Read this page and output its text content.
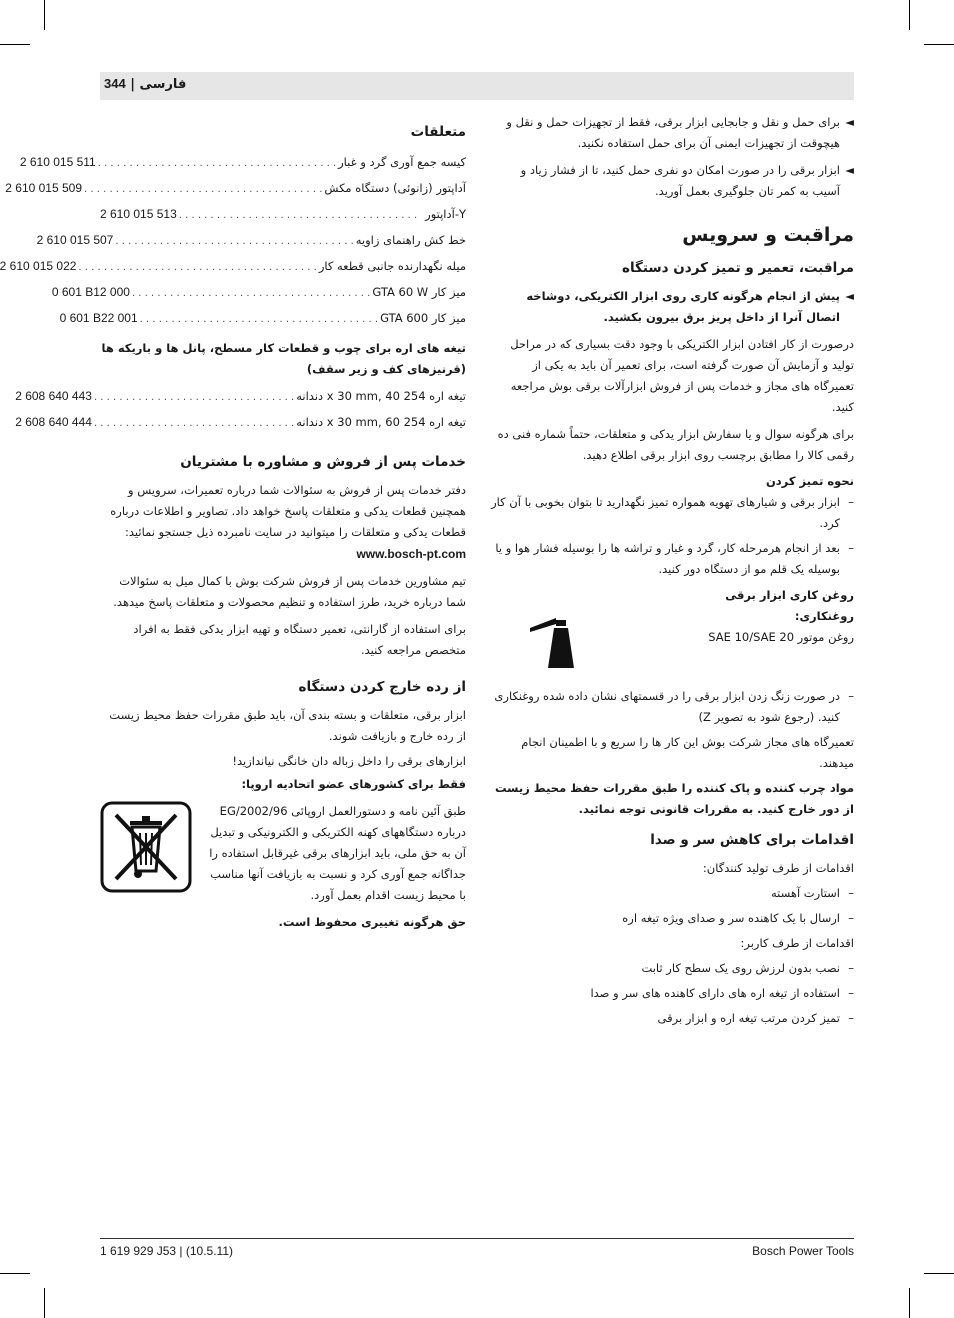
344 | فارسی

◄
برای حمل و نقل و جابجایی ابزار برقی، فقط از تجهیزات حمل و نقل و هیچوقت از تجهیزات ایمنی آن برای حمل استفاده نکنید.

◄
ابزار برقی را در صورت امکان دو نفری حمل کنید، تا از فشار زیاد و آسیب به کمر تان جلوگیری بعمل آورید.

مراقبت و سرویس
مراقبت، تعمیر و تمیز کردن دستگاه

◄
پیش از انجام هرگونه کاری روی ابزار الکتریکی، دوشاخه اتصال آنرا از داخل پریز برق بیرون بکشید.

درصورت از کار افتادن ابزار الکتریکی با وجود دقت بسیاری که در مراحل تولید و آزمایش آن صورت گرفته است، برای تعمیر آن باید به یکی از تعمیرگاه های مجاز و خدمات پس از فروش ابزارآلات برقی بوش مراجعه کنید.

برای هرگونه سوال و یا سفارش ابزار یدکی و متعلقات، حتماً شماره فنی ده رقمی کالا را مطابق برچسب روی ابزار برقی اطلاع دهید.

نحوه تمیز کردن

–
ابزار برقی و شیارهای تهویه همواره تمیز نگهدارید تا بتوان بخوبی با آن کار کرد.

–
بعد از انجام هرمرحله کار، گرد و غبار و تراشه ها را بوسیله فشار هوا و یا بوسیله یک قلم مو از دستگاه دور کنید.

روغن کاری ابزار برقی

روغنکاری:

روغن موتور SAE 10/SAE 20

–
در صورت زنگ زدن ابزار برقی را در قسمتهای نشان داده شده روغنکاری کنید. (رجوع شود به تصویر Z)

تعمیرگاه های مجاز شرکت بوش این کار ها را سریع و با اطمینان انجام میدهند.

مواد چرب کننده و پاک کننده را طبق مقررات حفظ محیط زیست از دور خارج کنید. به مقررات قانونی توجه نمائید.

اقدامات برای کاهش سر و صدا

اقدامات از طرف تولید کنندگان:

–
استارت آهسته

–
ارسال با یک کاهنده سر و صدای ویژه تیغه اره

اقدامات از طرف کاربر:

–
نصب بدون لرزش روی یک سطح کار ثابت

–
استفاده از تیغه اره های دارای کاهنده های سر و صدا

–
تمیز کردن مرتب تیغه اره و ابزار برقی

متعلقات
کیسه جمع آوری گرد و غبار
. . . . . . . . . . . . . . . . . . . . . . . . . . . . . . . . . . . . . .
2 610 015 511
آداپتور (زانوئی) دستگاه مکش
. . . . . . . . . . . . . . . . . . . . . . . . . . . . . . . . . . . . . .
2 610 015 509
Y-آداپتور
. . . . . . . . . . . . . . . . . . . . . . . . . . . . . . . . . . . . . .
2 610 015 513
خط کش راهنمای زاویه
. . . . . . . . . . . . . . . . . . . . . . . . . . . . . . . . . . . . . .
2 610 015 507
میله نگهدارنده جانبی قطعه کار
. . . . . . . . . . . . . . . . . . . . . . . . . . . . . . . . . . . . . .
2 610 015 022
میز کار GTA 60 W
. . . . . . . . . . . . . . . . . . . . . . . . . . . . . . . . . . . . . .
0 601 B12 000
میز کار GTA 600
. . . . . . . . . . . . . . . . . . . . . . . . . . . . . . . . . . . . . .
0 601 B22 001

تیغه های اره برای چوب و قطعات کار مسطح، پانل ها و باریکه ها (قرنیزهای کف و زیر سقف)

تیغه اره 254 x 30 mm, 40 دندانه
. . . . . . . . . . . . . . . . . . . . . . . . . . . . . . . .
2 608 640 443
تیغه اره 254 x 30 mm, 60 دندانه
. . . . . . . . . . . . . . . . . . . . . . . . . . . . . . . .
2 608 640 444
خدمات پس از فروش و مشاوره با مشتریان

دفتر خدمات پس از فروش به سئوالات شما درباره تعمیرات، سرویس و همچنین قطعات یدکی و متعلقات پاسخ خواهد داد. تصاویر و اطلاعات درباره قطعات یدکی و متعلقات را میتوانید در سایت نامبرده ذیل جستجو نمائید:

www.bosch-pt.com

تیم مشاورین خدمات پس از فروش شرکت بوش با کمال میل به سئوالات شما درباره خرید، طرز استفاده و تنظیم محصولات و متعلقات پاسخ میدهد.

برای استفاده از گارانتی، تعمیر دستگاه و تهیه ابزار یدکی فقط به افراد متخصص مراجعه کنید.

از رده خارج کردن دستگاه

ابزار برقی، متعلقات و بسته بندی آن، باید طبق مقررات حفظ محیط زیست از رده خارج و بازیافت شوند.

ابزارهای برقی را داخل زباله دان خانگی نیاندازید!

فقط برای کشورهای عضو اتحادیه اروپا:

طبق آئین نامه و دستورالعمل اروپائی 2002/96/EG درباره دستگاههای کهنه الکتریکی و الکترونیکی و تبدیل آن به حق ملی، باید ابزارهای برقی غیرقابل استفاده را جداگانه جمع آوری کرد و نسبت به بازیافت آنها مناسب با محیط زیست اقدام بعمل آورد.

حق هرگونه تغییری محفوظ است.

1 619 929 J53 | (10.5.11)	Bosch Power Tools
